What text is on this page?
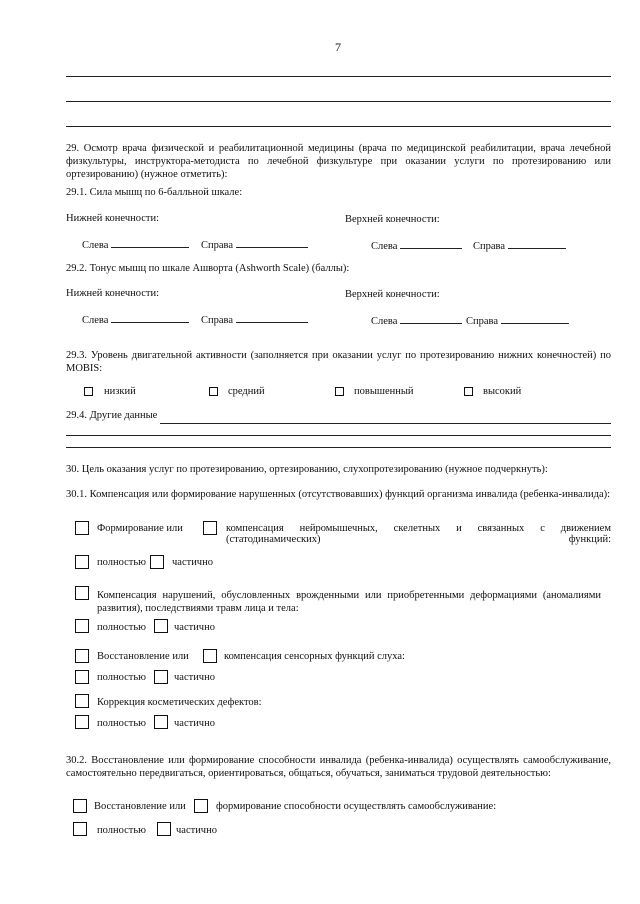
7
29. Осмотр врача физической и реабилитационной медицины (врача по медицинской реабилитации, врача лечебной физкультуры, инструктора-методиста по лечебной физкультуре при оказании услуги по протезированию или ортезированию) (нужное отметить):
29.1. Сила мышц по 6-балльной шкале:
Нижней конечности:	Верхней конечности:
Слева	Справа	Слева	Справа
29.2. Тонус мышц по шкале Ашворта (Ashworth Scale) (баллы):
Нижней конечности:	Верхней конечности:
Слева	Справа	Слева	Справа
29.3. Уровень двигательной активности (заполняется при оказании услуг по протезированию нижних конечностей) по MOBIS:
низкий	средний	повышенный	высокий
29.4. Другие данные
30. Цель оказания услуг по протезированию, ортезированию, слухопротезированию (нужное подчеркнуть):
30.1. Компенсация или формирование нарушенных (отсутствовавших) функций организма инвалида (ребенка-инвалида):
Формирование или	компенсация нейромышечных, скелетных и связанных с движением (статодинамических) функций:
полностью частично
Компенсация нарушений, обусловленных врожденными или приобретенными деформациями (аномалиями развития), последствиями травм лица и тела:
полностью	частично
Восстановление или	компенсация сенсорных функций слуха:
полностью	частично
Коррекция косметических дефектов:
полностью	частично
30.2. Восстановление или формирование способности инвалида (ребенка-инвалида) осуществлять самообслуживание, самостоятельно передвигаться, ориентироваться, общаться, обучаться, заниматься трудовой деятельностью:
Восстановление или	формирование способности осуществлять самообслуживание:
полностью	частично
